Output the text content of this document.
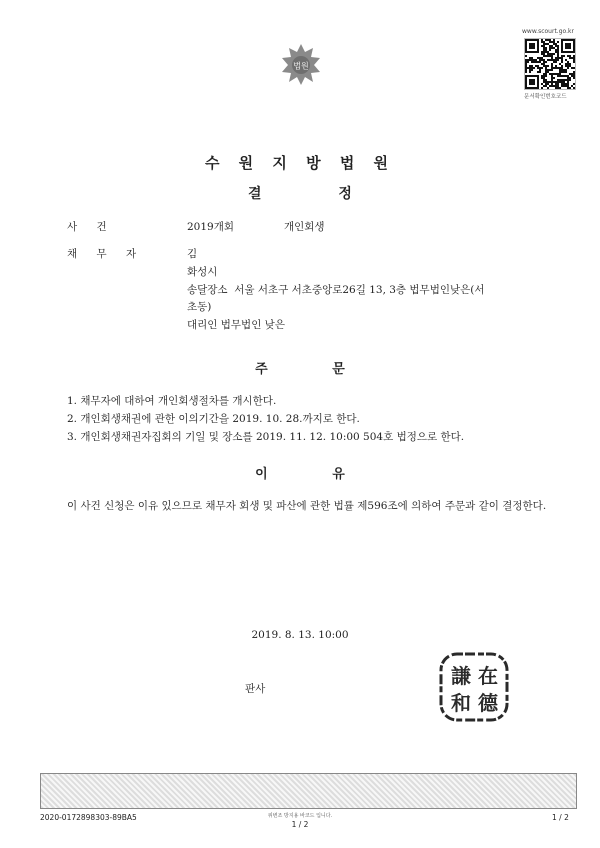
법원
www.scourt.go.kr
문서확인번호코드
수 원 지 방 법 원
결 정
사 건	2019개회	개인회생
채 무 자	김
화성시
송달장소 서울 서초구 서초중앙로26길 13, 3층 법무법인낮은(서
초동)
대리인 법무법인 낮은
주 문
1. 채무자에 대하여 개인회생절차를 개시한다.
2. 개인회생채권에 관한 이의기간을 2019. 10. 28.까지로 한다.
3. 개인회생채권자집회의 기일 및 장소를 2019. 11. 12. 10:00 504호 법정으로 한다.
이 유
이 사건 신청은 이유 있으므로 채무자 회생 및 파산에 관한 법률 제596조에 의하여 주문과 같이 결정한다.
2019. 8. 13. 10:00
판사
謙 在
和 德
2020-0172898303-89BA5	위변조 방지용 바코드 입니다.
1 / 2
1 / 2
